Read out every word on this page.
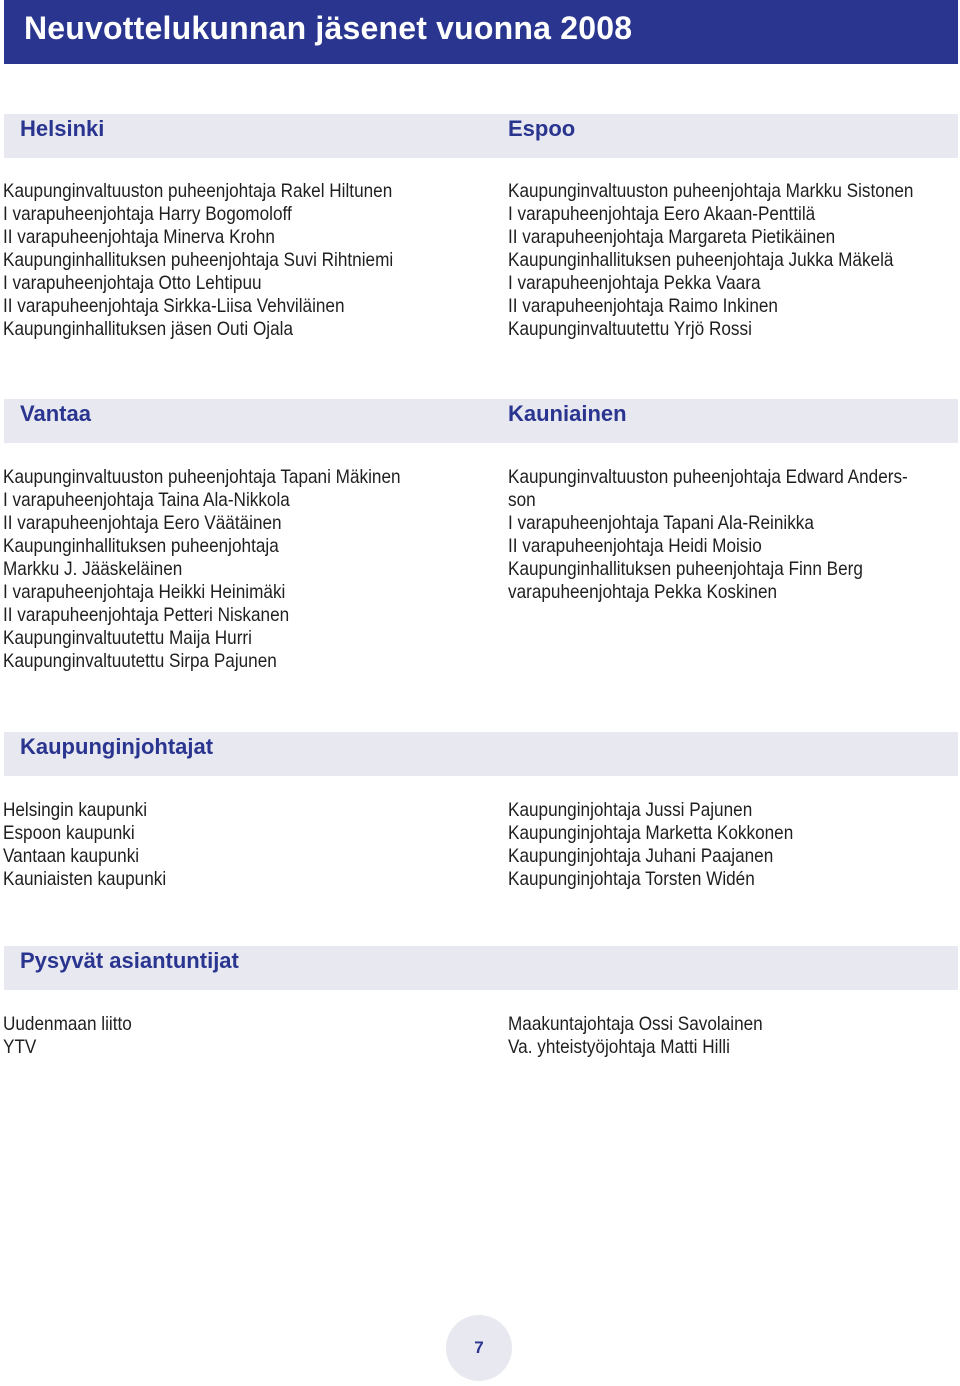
Neuvottelukunnan jäsenet vuonna 2008
Helsinki	Espoo
Kaupunginvaltuuston puheenjohtaja Rakel Hiltunen
I varapuheenjohtaja Harry Bogomoloff
II varapuheenjohtaja Minerva Krohn
Kaupunginhallituksen puheenjohtaja Suvi Rihtniemi
I varapuheenjohtaja Otto Lehtipuu
II varapuheenjohtaja Sirkka-Liisa Vehviläinen
Kaupunginhallituksen jäsen Outi Ojala
Kaupunginvaltuuston puheenjohtaja Markku Sistonen
I varapuheenjohtaja Eero Akaan-Penttilä
II varapuheenjohtaja Margareta Pietikäinen
Kaupunginhallituksen puheenjohtaja Jukka Mäkelä
I varapuheenjohtaja Pekka Vaara
II varapuheenjohtaja Raimo Inkinen
Kaupunginvaltuutettu Yrjö Rossi
Vantaa	Kauniainen
Kaupunginvaltuuston puheenjohtaja Tapani Mäkinen
I varapuheenjohtaja Taina Ala-Nikkola
II varapuheenjohtaja Eero Väätäinen
Kaupunginhallituksen puheenjohtaja
Markku J. Jääskeläinen
I varapuheenjohtaja Heikki Heinimäki
II varapuheenjohtaja Petteri Niskanen
Kaupunginvaltuutettu Maija Hurri
Kaupunginvaltuutettu Sirpa Pajunen
Kaupunginvaltuuston puheenjohtaja Edward Anders-
son
I varapuheenjohtaja Tapani Ala-Reinikka
II varapuheenjohtaja Heidi Moisio
Kaupunginhallituksen puheenjohtaja Finn Berg
varapuheenjohtaja Pekka Koskinen
Kaupunginjohtajat
Helsingin kaupunki
Espoon kaupunki
Vantaan kaupunki
Kauniaisten kaupunki
Kaupunginjohtaja Jussi Pajunen
Kaupunginjohtaja Marketta Kokkonen
Kaupunginjohtaja Juhani Paajanen
Kaupunginjohtaja Torsten Widén
Pysyvät asiantuntijat
Uudenmaan liitto
YTV
Maakuntajohtaja Ossi Savolainen
Va. yhteistyöjohtaja Matti Hilli
7
